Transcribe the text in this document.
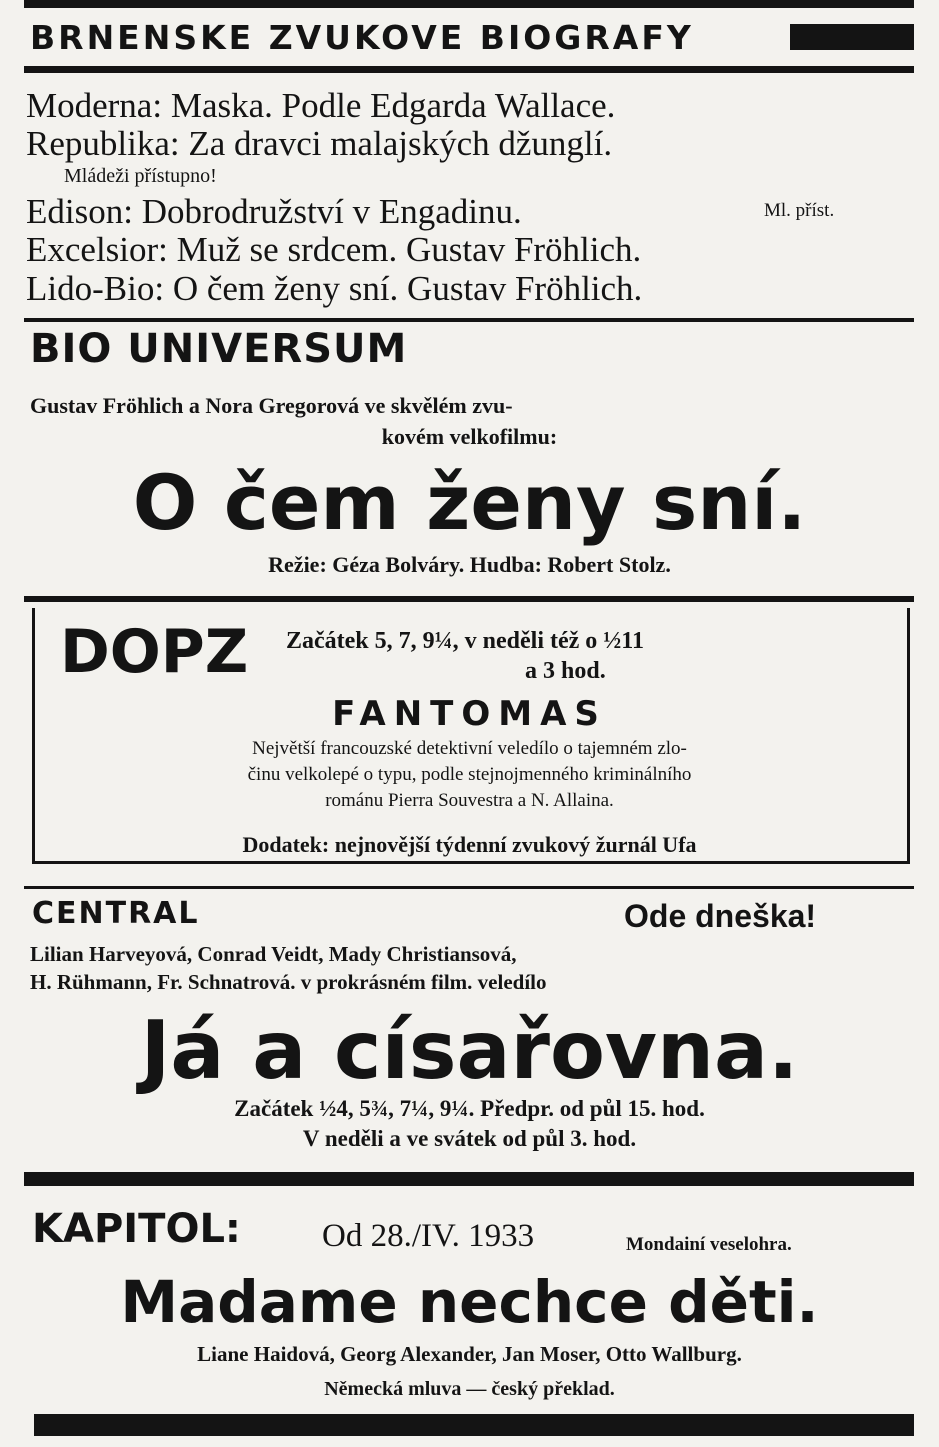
BRNENSKE ZVUKOVE BIOGRAFY
Moderna: Maska. Podle Edgarda Wallace.
Republika: Za dravci malajských džunglí.
Mládeži přístupno!
Edison: Dobrodružství v Engadinu.	Ml. příst.
Excelsior: Muž se srdcem. Gustav Fröhlich.
Lido-Bio: O čem ženy sní. Gustav Fröhlich.
BIO UNIVERSUM
Gustav Fröhlich a Nora Gregorová ve skvělém zvu-
kovém velkofilmu:
O čem ženy sní.
Režie: Géza Bolváry. Hudba: Robert Stolz.
DOPZ Začátek 5, 7, 9¼, v neděli též o ½11
a 3 hod.
FANTOMAS
Největší francouzské detektivní veledílo o tajemném zlo-
činu velkolepé o typu, podle stejnojmenného kriminálního
románu Pierra Souvestra a N. Allaina.
Dodatek: nejnovější týdenní zvukový žurnál Ufa
CENTRAL	Ode dneška!
Lilian Harveyová, Conrad Veidt, Mady Christiansová,
H. Rühmann, Fr. Schnatrová. v prokrásném film. veledílo
Já a císařovna.
Začátek ½4, 5¾, 7¼, 9¼. Předpr. od půl 15. hod.
V neděli a ve svátek od půl 3. hod.
KAPITOL: Od 28./IV. 1933	Mondainí veselohra.
Madame nechce děti.
Liane Haidová, Georg Alexander, Jan Moser, Otto Wallburg.
Německá mluva — český překlad.
